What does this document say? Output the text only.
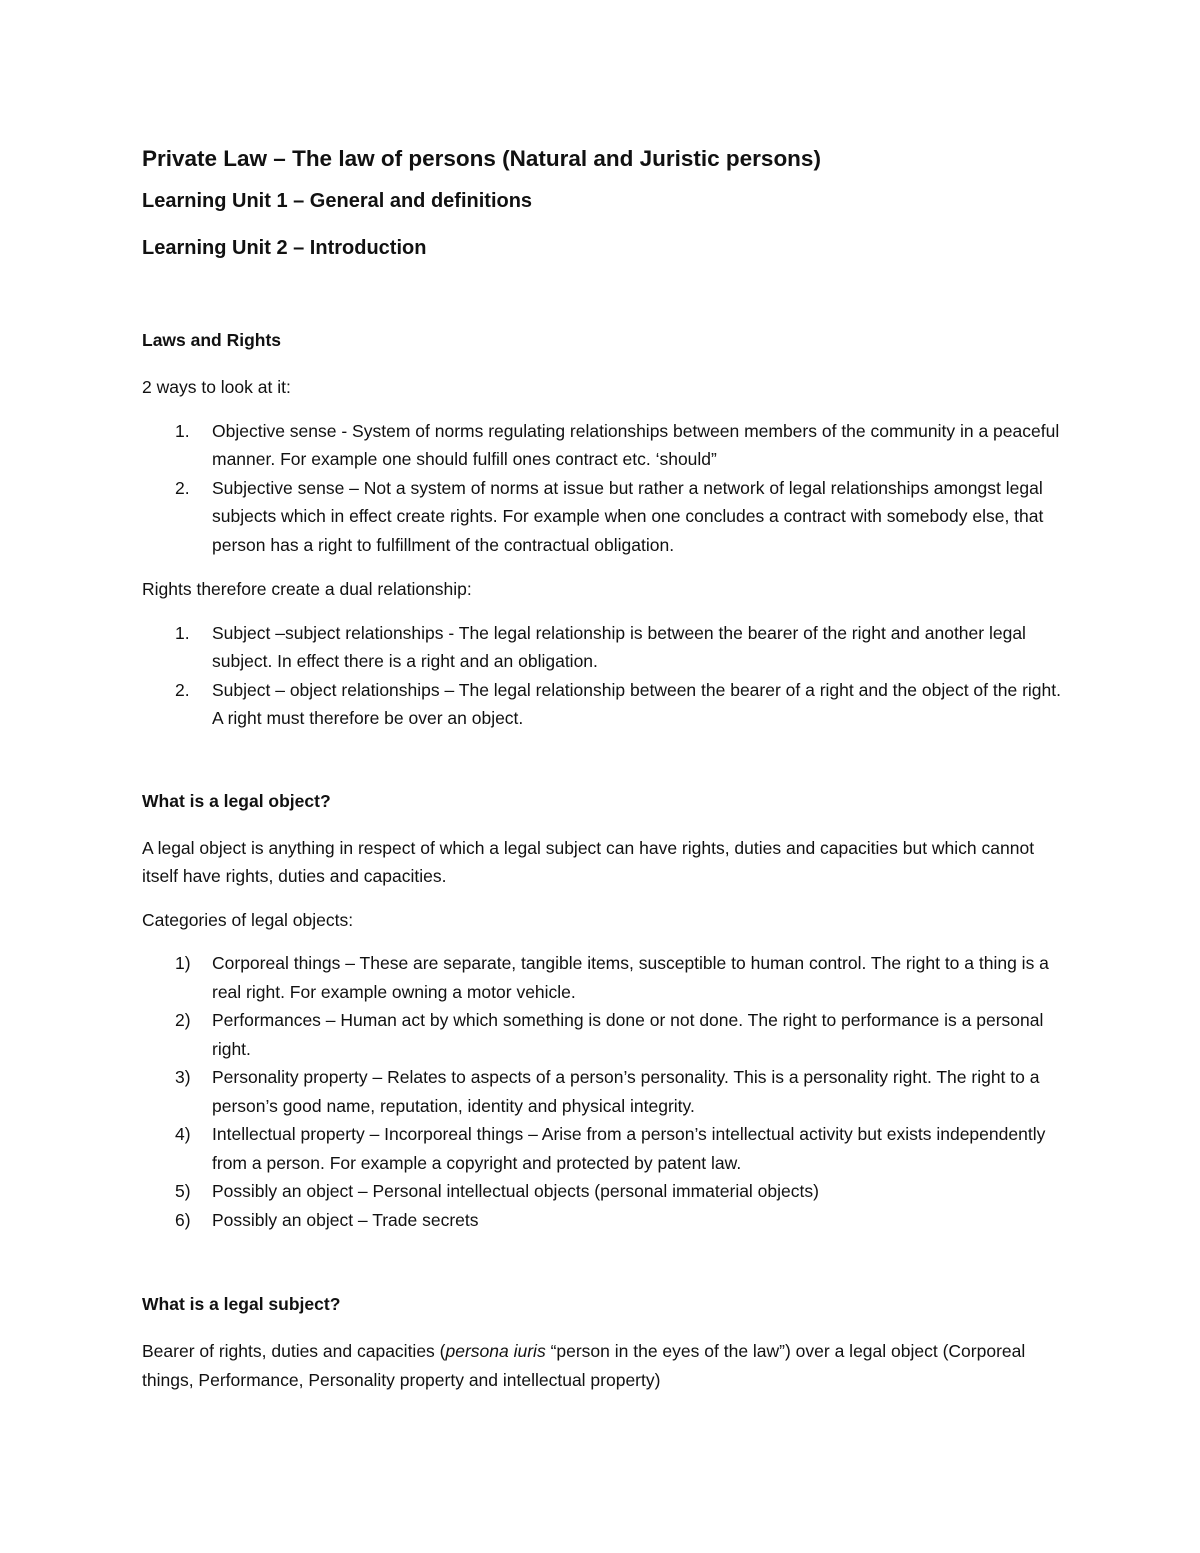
Private Law – The law of persons (Natural and Juristic persons)

Learning Unit 1 – General and definitions

Learning Unit 2 – Introduction

Laws and Rights

2 ways to look at it:

1. Objective sense - System of norms regulating relationships between members of the community in a peaceful manner. For example one should fulfill ones contract etc. ‘should”
2. Subjective sense – Not a system of norms at issue but rather a network of legal relationships amongst legal subjects which in effect create rights. For example when one concludes a contract with somebody else, that person has a right to fulfillment of the contractual obligation.

Rights therefore create a dual relationship:

1. Subject –subject relationships - The legal relationship is between the bearer of the right and another legal subject. In effect there is a right and an obligation.
2. Subject – object relationships – The legal relationship between the bearer of a right and the object of the right. A right must therefore be over an object.

What is a legal object?

A legal object is anything in respect of which a legal subject can have rights, duties and capacities but which cannot itself have rights, duties and capacities.

Categories of legal objects:

1) Corporeal things – These are separate, tangible items, susceptible to human control. The right to a thing is a real right. For example owning a motor vehicle.
2) Performances – Human act by which something is done or not done. The right to performance is a personal right.
3) Personality property – Relates to aspects of a person’s personality. This is a personality right. The right to a person’s good name, reputation, identity and physical integrity.
4) Intellectual property – Incorporeal things – Arise from a person’s intellectual activity but exists independently from a person. For example a copyright and protected by patent law.
5) Possibly an object – Personal intellectual objects (personal immaterial objects)
6) Possibly an object – Trade secrets

What is a legal subject?

Bearer of rights, duties and capacities (persona iuris “person in the eyes of the law”) over a legal object (Corporeal things, Performance, Personality property and intellectual property)
